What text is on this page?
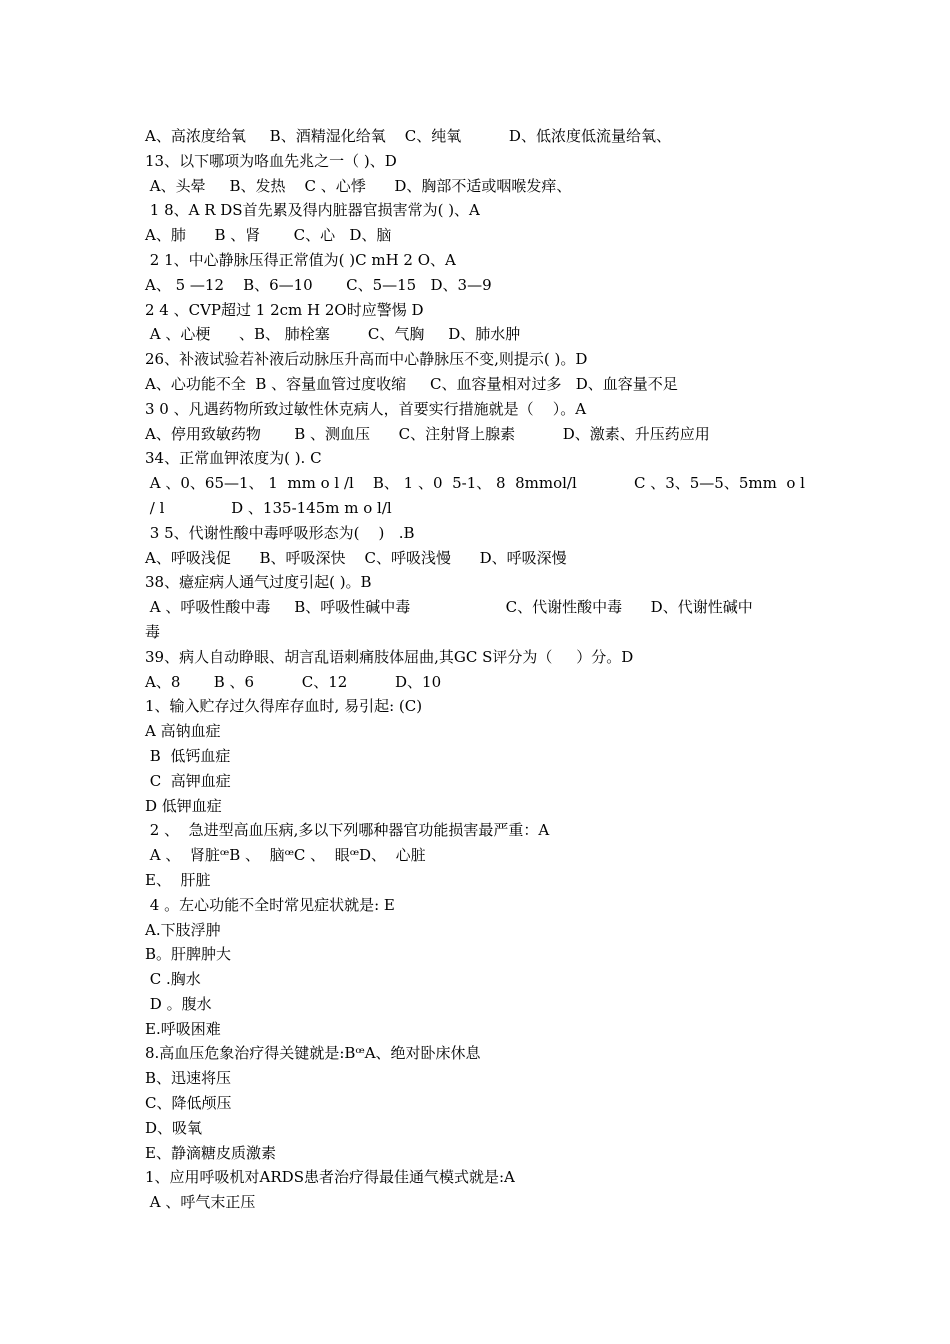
A、高浓度给氧     B、酒精湿化给氧    C、纯氧          D、低浓度低流量给氧、
13、以下哪项为咯血先兆之一（ )、D
A、头晕     B、发热    C 、心悸      D、胸部不适或咽喉发痒、
1 8、A R DS首先累及得内脏器官损害常为( )、A
A、肺      B 、肾       C、心   D、脑
2 1、中心静脉压得正常值为( )C mH 2 O、A
A、 5 —12    B、6—10       C、5—15   D、3—9
2 4 、CVP超过 1 2cm H 2O时应警惕 D
A 、心梗      、B、 肺栓塞        C、气胸     D、肺水肿
26、补液试验若补液后动脉压升高而中心静脉压不变,则提示( )。D
A、心功能不全  B 、容量血管过度收缩     C、血容量相对过多   D、血容量不足
3 0 、凡遇药物所致过敏性休克病人，首要实行措施就是（    ）。A
A、停用致敏药物       B 、测血压      C、注射肾上腺素          D、激素、升压药应用
34、正常血钾浓度为( ). C
A 、0、65—1、 1  mm o l /l    B、 1 、0  5-1、 8  8mmol/l            C 、3、5—5、5mm  o l
/ l              D 、135-145m m o l/l
3 5、代谢性酸中毒呼吸形态为(    )   .B
A、呼吸浅促      B、呼吸深快    C、呼吸浅慢      D、呼吸深慢
38、癔症病人通气过度引起( )。B
A 、呼吸性酸中毒     B、呼吸性碱中毒                    C、代谢性酸中毒      D、代谢性碱中
毒
39、病人自动睁眼、胡言乱语刺痛肢体屈曲,其GC S评分为（     ）分。D
A、8       B 、6          C、12          D、10
1、输入贮存过久得库存血时, 易引起: (C)
A 高钠血症
B  低钙血症
C  高钾血症
D 低钾血症
2 、  急进型高血压病,多以下列哪种器官功能损害最严重：A
A 、  肾脏ꟹB 、  脑ꟹC 、  眼ꟹD、  心脏
E、  肝脏
4 。左心功能不全时常见症状就是: E
A.下肢浮肿
B。肝脾肿大
C .胸水
D 。腹水
E.呼吸困难
8.高血压危象治疗得关键就是:BꟹA、绝对卧床休息
B、迅速将压
C、降低颅压
D、吸氧
E、静滴糖皮质激素
1、应用呼吸机对ARDS患者治疗得最佳通气模式就是:A
A 、呼气末正压
